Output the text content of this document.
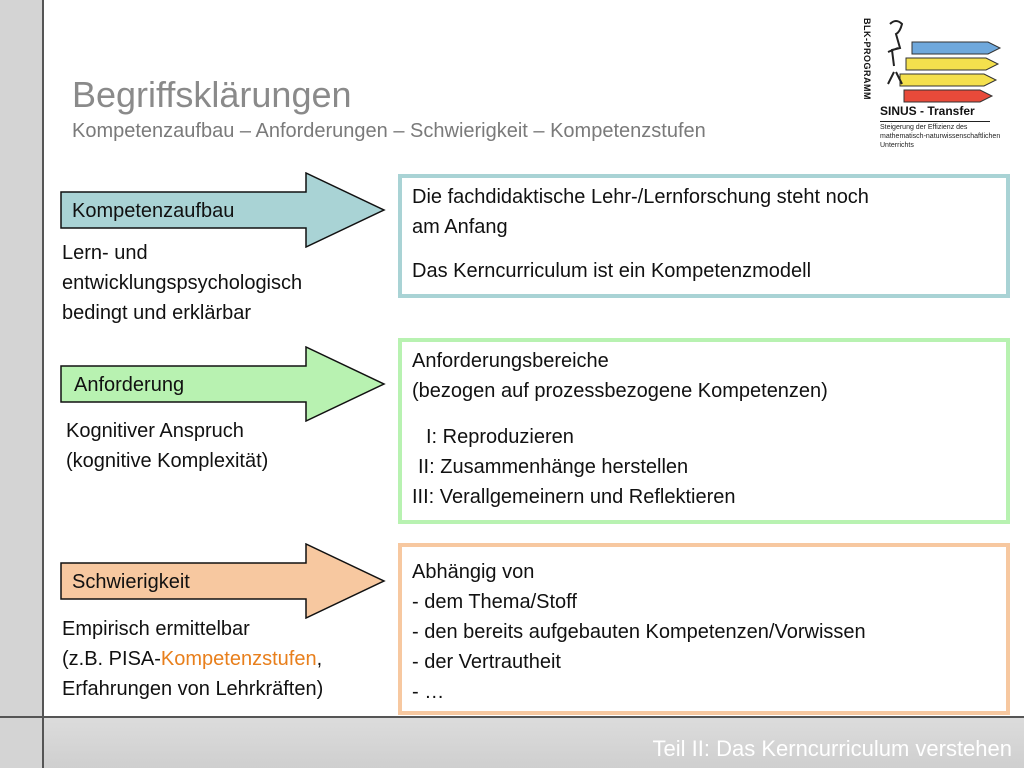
Teil II: Das Kerncurriculum verstehen
Begriffsklärungen

Kompetenzaufbau – Anforderungen – Schwierigkeit – Kompetenzstufen

BLK-PROGRAMM
SINUS - Transfer
Steigerung der Effizienz des
mathematisch-naturwissenschaftlichen
Unterrichts
Kompetenzaufbau

Lern- und
entwicklungspsychologisch
bedingt und erklärbar

Die fachdidaktische Lehr-/Lernforschung steht noch

am Anfang

Das Kerncurriculum ist ein Kompetenzmodell

Anforderung

Kognitiver Anspruch
(kognitive Komplexität)

Anforderungsbereiche

(bezogen auf prozessbezogene Kompetenzen)

I: Reproduzieren

II: Zusammenhänge herstellen

III: Verallgemeinern und Reflektieren

Schwierigkeit

Empirisch ermittelbar
(z.B. PISA-Kompetenzstufen,
Erfahrungen von Lehrkräften)

Abhängig von

- dem Thema/Stoff

- den bereits aufgebauten Kompetenzen/Vorwissen

- der Vertrautheit

- …
